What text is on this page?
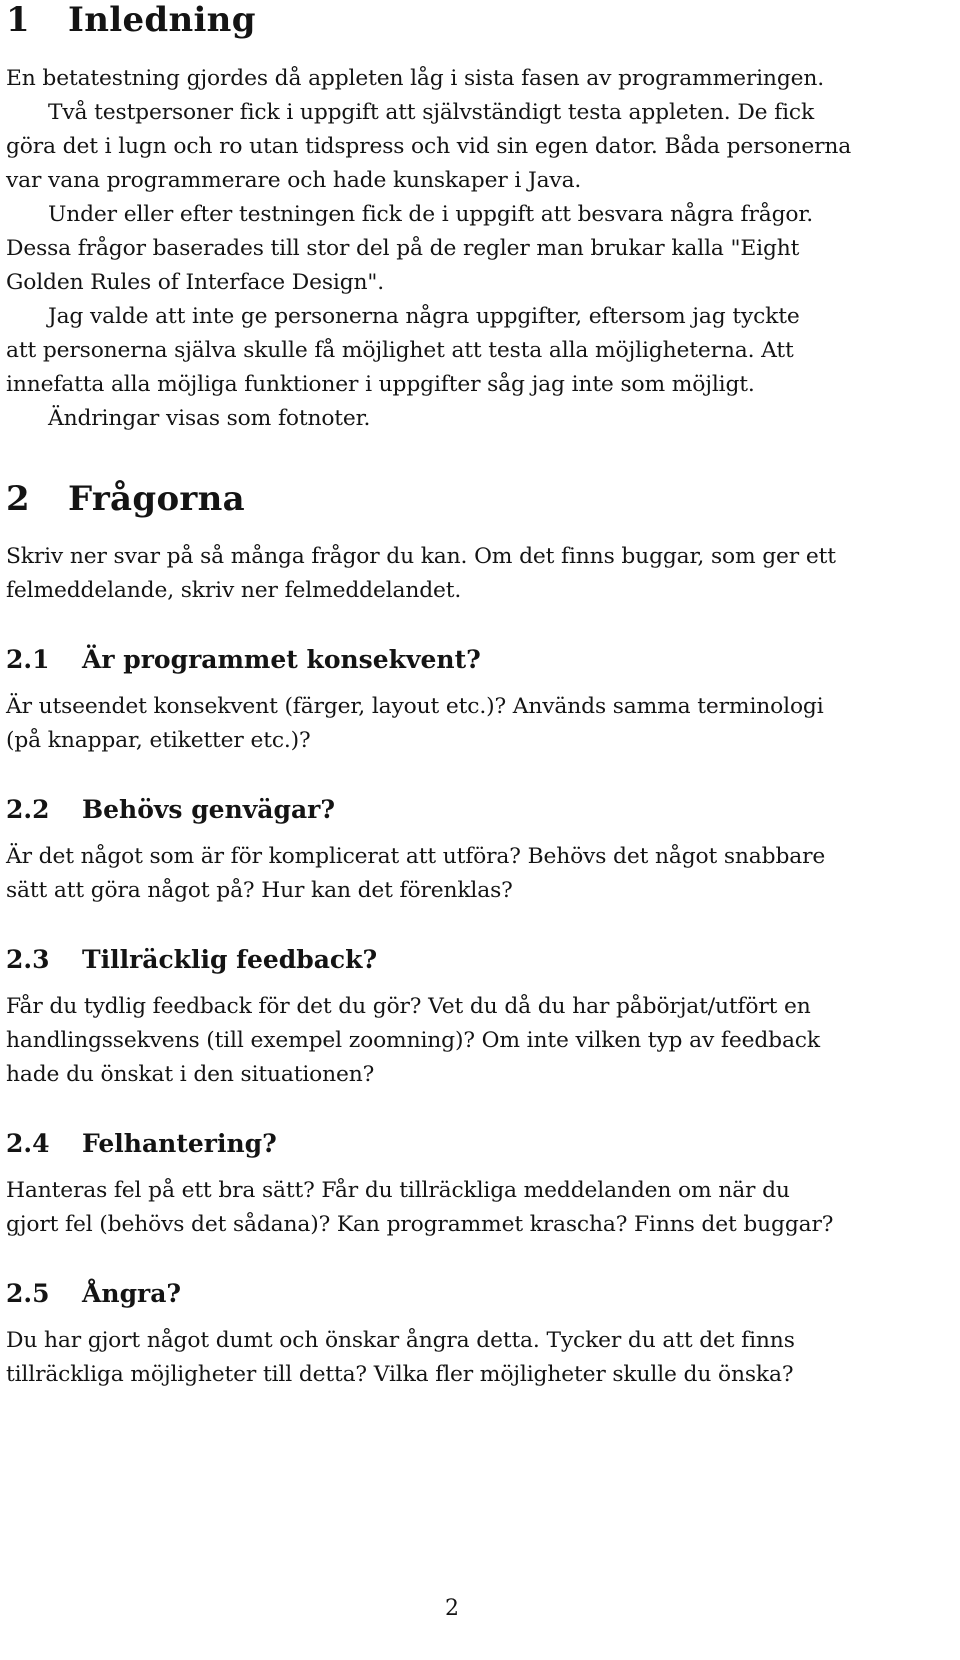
1 Inledning
En betatestning gjordes då appleten låg i sista fasen av programmeringen.
Två testpersoner fick i uppgift att självständigt testa appleten. De fick
göra det i lugn och ro utan tidspress och vid sin egen dator. Båda personerna
var vana programmerare och hade kunskaper i Java.
Under eller efter testningen fick de i uppgift att besvara några frågor.
Dessa frågor baserades till stor del på de regler man brukar kalla "Eight
Golden Rules of Interface Design".
Jag valde att inte ge personerna några uppgifter, eftersom jag tyckte
att personerna själva skulle få möjlighet att testa alla möjligheterna. Att
innefatta alla möjliga funktioner i uppgifter såg jag inte som möjligt.
Ändringar visas som fotnoter.
2 Frågorna
Skriv ner svar på så många frågor du kan. Om det finns buggar, som ger ett
felmeddelande, skriv ner felmeddelandet.
2.1 Är programmet konsekvent?
Är utseendet konsekvent (färger, layout etc.)? Används samma terminologi
(på knappar, etiketter etc.)?
2.2 Behövs genvägar?
Är det något som är för komplicerat att utföra? Behövs det något snabbare
sätt att göra något på? Hur kan det förenklas?
2.3 Tillräcklig feedback?
Får du tydlig feedback för det du gör? Vet du då du har påbörjat/utfört en
handlingssekvens (till exempel zoomning)? Om inte vilken typ av feedback
hade du önskat i den situationen?
2.4 Felhantering?
Hanteras fel på ett bra sätt? Får du tillräckliga meddelanden om när du
gjort fel (behövs det sådana)? Kan programmet krascha? Finns det buggar?
2.5 Ångra?
Du har gjort något dumt och önskar ångra detta. Tycker du att det finns
tillräckliga möjligheter till detta? Vilka fler möjligheter skulle du önska?
2
